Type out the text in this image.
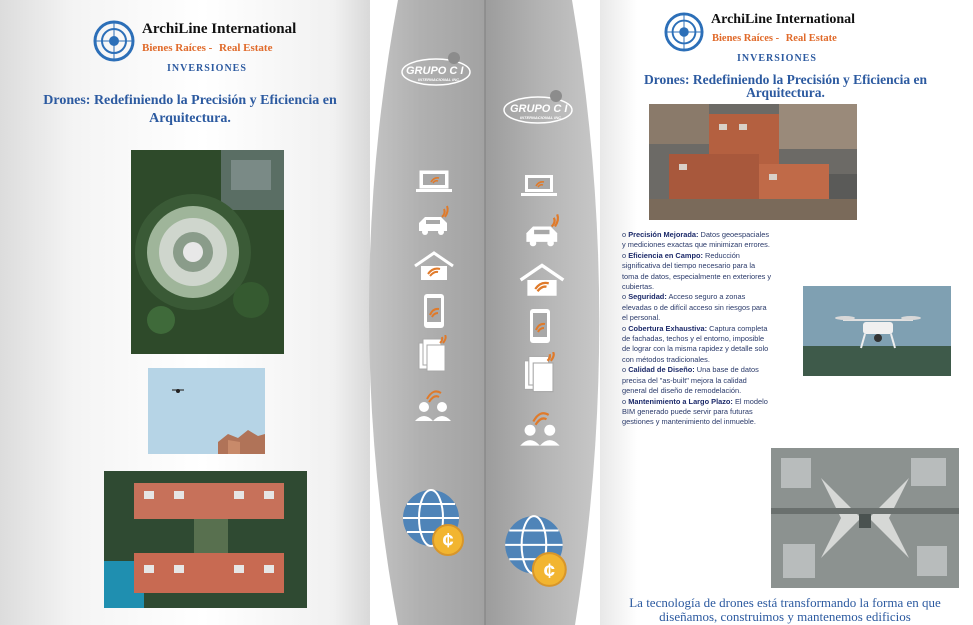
GRUPO C I
INTERNACIONAL INC.
GRUPO C I
INTERNACIONAL INC.
¢
¢
ArchiLine International
Bienes Raíces - Real Estate
INVERSIONES
Drones: Redefiniendo la Precisión y Eficiencia en Arquitectura.
ArchiLine International
Bienes Raíces - Real Estate
INVERSIONES
Drones: Redefiniendo la Precisión y Eficiencia en Arquitectura.
o Precisión Mejorada: Datos geoespaciales y mediciones exactas que minimizan errores.
o Eficiencia en Campo: Reducción significativa del tiempo necesario para la toma de datos, especialmente en exteriores y cubiertas.
o Seguridad: Acceso seguro a zonas elevadas o de difícil acceso sin riesgos para el personal.
o Cobertura Exhaustiva: Captura completa de fachadas, techos y el entorno, imposible de lograr con la misma rapidez y detalle solo con métodos tradicionales.
o Calidad de Diseño: Una base de datos precisa del "as-built" mejora la calidad general del diseño de remodelación.
o Mantenimiento a Largo Plazo: El modelo BIM generado puede servir para futuras gestiones y mantenimiento del inmueble.
La tecnología de drones está transformando la forma en que
diseñamos, construimos y mantenemos edificios
